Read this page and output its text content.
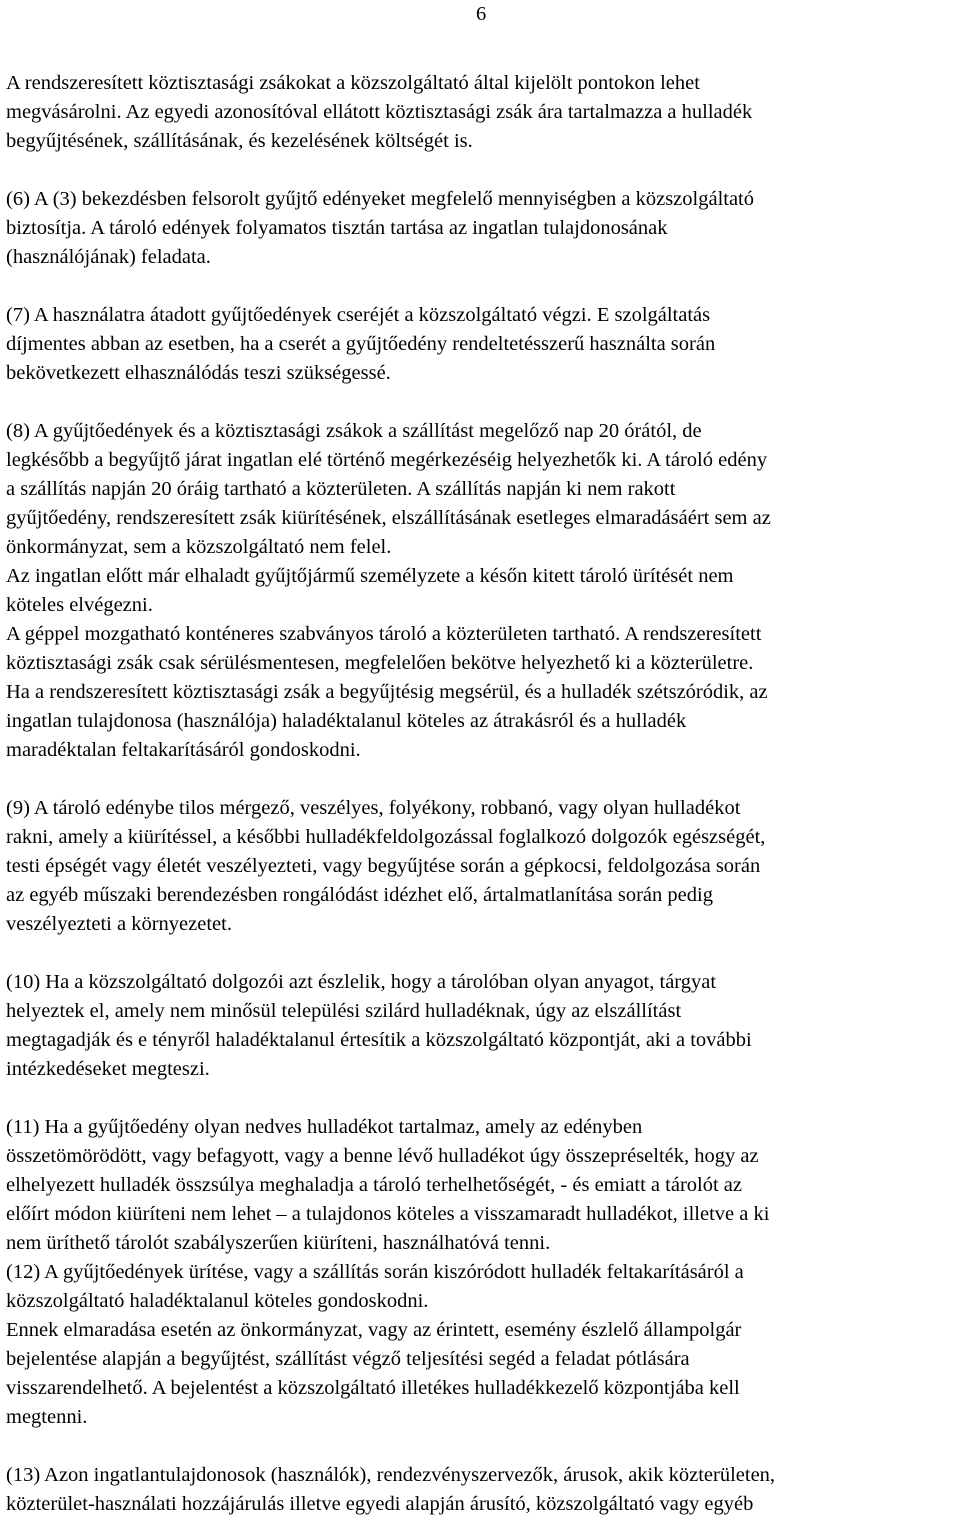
6

A rendszeresített köztisztasági zsákokat a közszolgáltató által kijelölt pontokon lehet
megvásárolni. Az egyedi azonosítóval ellátott köztisztasági zsák ára tartalmazza a hulladék
begyűjtésének, szállításának, és kezelésének költségét is.

(6) A (3) bekezdésben felsorolt gyűjtő edényeket megfelelő mennyiségben a közszolgáltató
biztosítja. A tároló edények folyamatos tisztán tartása az ingatlan tulajdonosának
(használójának) feladata.

(7) A használatra átadott gyűjtőedények cseréjét a közszolgáltató végzi. E szolgáltatás
díjmentes abban az esetben, ha a cserét a gyűjtőedény rendeltetésszerű használta során
bekövetkezett elhasználódás teszi szükségessé.

(8) A gyűjtőedények és a köztisztasági zsákok a szállítást megelőző nap 20 órától, de
legkésőbb a begyűjtő járat ingatlan elé történő megérkezéséig helyezhetők ki. A tároló edény
a szállítás napján 20 óráig tartható a közterületen. A szállítás napján ki nem rakott
gyűjtőedény, rendszeresített zsák kiürítésének, elszállításának esetleges elmaradásáért sem az
önkormányzat, sem a közszolgáltató nem felel.
Az ingatlan előtt már elhaladt gyűjtőjármű személyzete a későn kitett tároló ürítését nem
köteles elvégezni.
A géppel mozgatható konténeres szabványos tároló a közterületen tartható. A rendszeresített
köztisztasági zsák csak sérülésmentesen, megfelelően bekötve helyezhető ki a közterületre.
Ha a rendszeresített köztisztasági zsák a begyűjtésig megsérül, és a hulladék szétszóródik, az
ingatlan tulajdonosa (használója) haladéktalanul köteles az átrakásról és a hulladék
maradéktalan feltakarításáról gondoskodni.

(9) A tároló edénybe tilos mérgező, veszélyes, folyékony, robbanó, vagy olyan hulladékot
rakni, amely a kiürítéssel, a későbbi hulladékfeldolgozással foglalkozó dolgozók egészségét,
testi épségét vagy életét veszélyezteti, vagy begyűjtése során a gépkocsi, feldolgozása során
az egyéb műszaki berendezésben rongálódást idézhet elő, ártalmatlanítása során pedig
veszélyezteti a környezetet.

(10) Ha a közszolgáltató dolgozói azt észlelik, hogy a tárolóban olyan anyagot, tárgyat
helyeztek el, amely nem minősül települési szilárd hulladéknak, úgy az elszállítást
megtagadják és e tényről haladéktalanul értesítik a közszolgáltató központját, aki a további
intézkedéseket megteszi.

(11) Ha a gyűjtőedény olyan nedves hulladékot tartalmaz, amely az edényben
összetömörödött, vagy befagyott, vagy a benne lévő hulladékot úgy összepréselték, hogy az
elhelyezett hulladék összsúlya meghaladja a tároló terhelhetőségét, - és emiatt a tárolót az
előírt módon kiüríteni nem lehet – a tulajdonos köteles a visszamaradt hulladékot, illetve a ki
nem üríthető tárolót szabályszerűen kiüríteni, használhatóvá tenni.
(12) A gyűjtőedények ürítése, vagy a szállítás során kiszóródott hulladék feltakarításáról a
közszolgáltató haladéktalanul köteles gondoskodni.
Ennek elmaradása esetén az önkormányzat, vagy az érintett, esemény észlelő állampolgár
bejelentése alapján a begyűjtést, szállítást végző teljesítési segéd a feladat pótlására
visszarendelhető. A bejelentést a közszolgáltató illetékes hulladékkezelő központjába kell
megtenni.

(13) Azon ingatlantulajdonosok (használók), rendezvényszervezők, árusok, akik közterületen,
közterület-használati hozzájárulás illetve egyedi alapján árusító, közszolgáltató vagy egyéb
